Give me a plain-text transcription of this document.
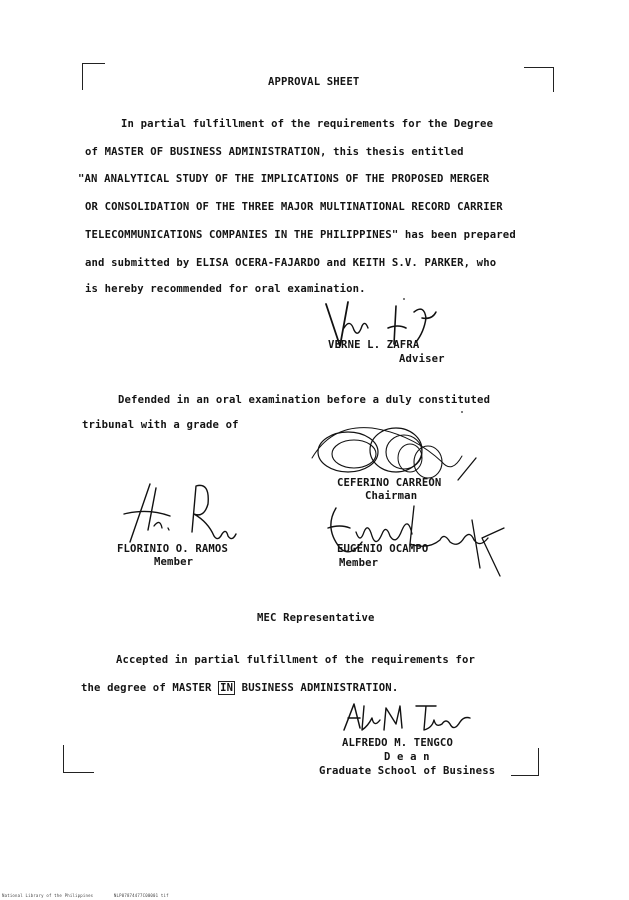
APPROVAL SHEET
In partial fulfillment of the requirements for the Degree
of MASTER OF BUSINESS ADMINISTRATION, this thesis entitled
"AN ANALYTICAL STUDY OF THE IMPLICATIONS OF THE PROPOSED MERGER
OR CONSOLIDATION OF THE THREE MAJOR MULTINATIONAL RECORD CARRIER
TELECOMMUNICATIONS COMPANIES IN THE PHILIPPINES" has been prepared
and submitted by ELISA OCERA-FAJARDO and KEITH S.V. PARKER, who
is hereby recommended for oral examination.
VERNE L. ZAFRA
Adviser
Defended in an oral examination before a duly constituted
tribunal with a grade of
CEFERINO CARREON
Chairman
FLORINIO O. RAMOS
Member
EUGENIO OCAMPO
Member
MEC Representative
Accepted in partial fulfillment of the requirements for
the degree of MASTER IN BUSINESS ADMINISTRATION.
ALFREDO M. TENGCO
D e a n
Graduate School of Business
National Library of the Philippines	NLP07874477C00001 tif
